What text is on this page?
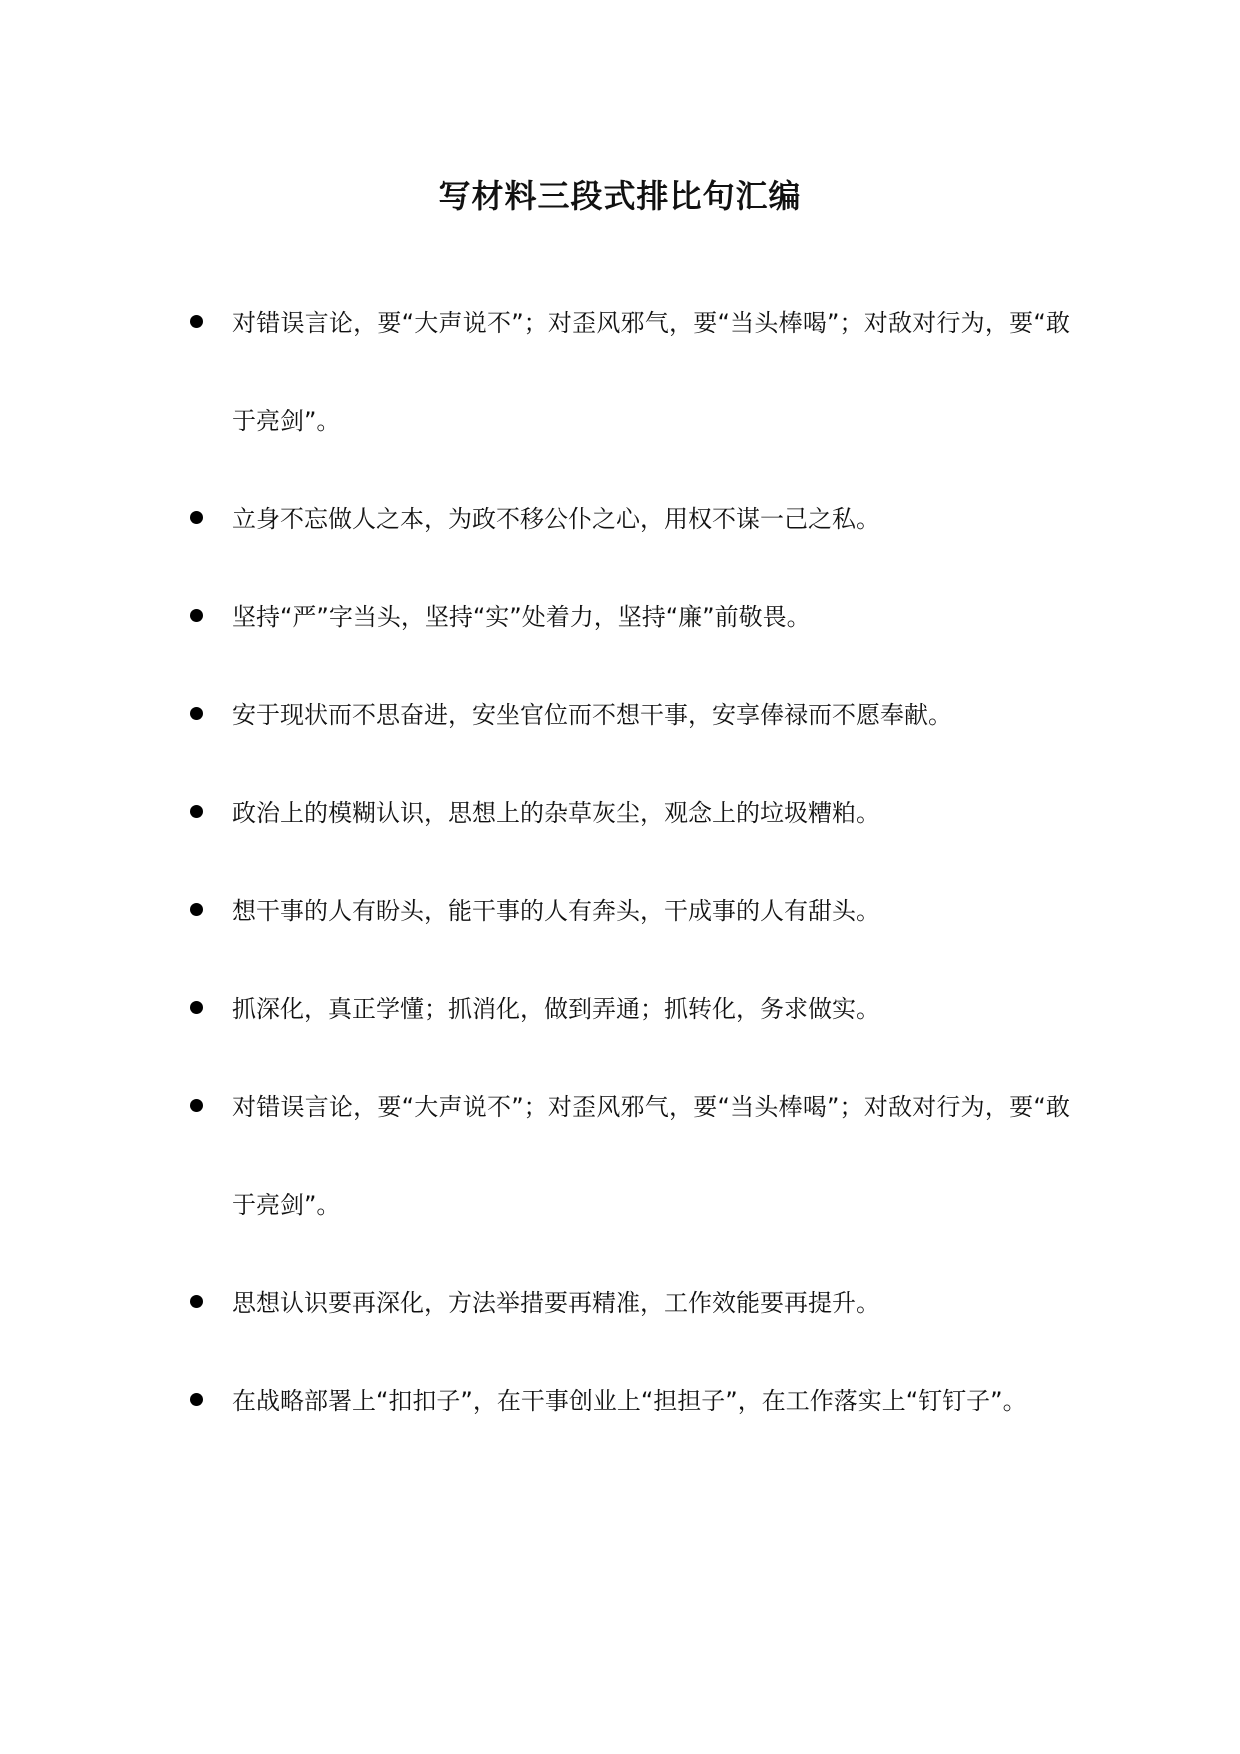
写材料三段式排比句汇编
对错误言论，要“大声说不”；对歪风邪气，要“当头棒喝”；对敌对行为，要“敢于亮剑”。
立身不忘做人之本，为政不移公仆之心，用权不谋一己之私。
坚持“严”字当头，坚持“实”处着力，坚持“廉”前敬畏。
安于现状而不思奋进，安坐官位而不想干事，安享俸禄而不愿奉献。
政治上的模糊认识，思想上的杂草灰尘，观念上的垃圾糟粕。
想干事的人有盼头，能干事的人有奔头，干成事的人有甜头。
抓深化，真正学懂；抓消化，做到弄通；抓转化，务求做实。
对错误言论，要“大声说不”；对歪风邪气，要“当头棒喝”；对敌对行为，要“敢于亮剑”。
思想认识要再深化，方法举措要再精准，工作效能要再提升。
在战略部署上“扣扣子”，在干事创业上“担担子”，在工作落实上“钉钉子”。
